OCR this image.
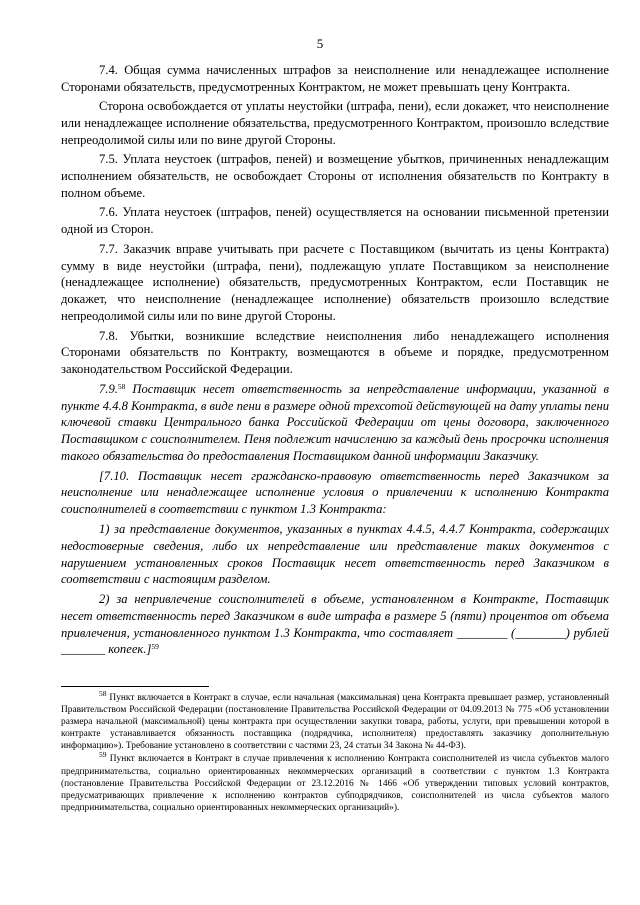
5

7.4. Общая сумма начисленных штрафов за неисполнение или ненадлежащее исполнение Сторонами обязательств, предусмотренных Контрактом, не может превышать цену Контракта.

Сторона освобождается от уплаты неустойки (штрафа, пени), если докажет, что неисполнение или ненадлежащее исполнение обязательства, предусмотренного Контрактом, произошло вследствие непреодолимой силы или по вине другой Стороны.

7.5. Уплата неустоек (штрафов, пеней) и возмещение убытков, причиненных ненадлежащим исполнением обязательств, не освобождает Стороны от исполнения обязательств по Контракту в полном объеме.

7.6. Уплата неустоек (штрафов, пеней) осуществляется на основании письменной претензии одной из Сторон.

7.7. Заказчик вправе учитывать при расчете с Поставщиком (вычитать из цены Контракта) сумму в виде неустойки (штрафа, пени), подлежащую уплате Поставщиком за неисполнение (ненадлежащее исполнение) обязательств, предусмотренных Контрактом, если Поставщик не докажет, что неисполнение (ненадлежащее исполнение) обязательств произошло вследствие непреодолимой силы или по вине другой Стороны.

7.8. Убытки, возникшие вследствие неисполнения либо ненадлежащего исполнения Сторонами обязательств по Контракту, возмещаются в объеме и порядке, предусмотренном законодательством Российской Федерации.

7.9.58 Поставщик несет ответственность за непредставление информации, указанной в пункте 4.4.8 Контракта, в виде пени в размере одной трехсотой действующей на дату уплаты пени ключевой ставки Центрального банка Российской Федерации от цены договора, заключенного Поставщиком с соисполнителем. Пеня подлежит начислению за каждый день просрочки исполнения такого обязательства до предоставления Поставщиком данной информации Заказчику.

[7.10. Поставщик несет гражданско-правовую ответственность перед Заказчиком за неисполнение или ненадлежащее исполнение условия о привлечении к исполнению Контракта соисполнителей в соответствии с пунктом 1.3 Контракта:

1) за представление документов, указанных в пунктах 4.4.5, 4.4.7 Контракта, содержащих недостоверные сведения, либо их непредставление или представление таких документов с нарушением установленных сроков Поставщик несет ответственность перед Заказчиком в соответствии с настоящим разделом.

2) за непривлечение соисполнителей в объеме, установленном в Контракте, Поставщик несет ответственность перед Заказчиком в виде штрафа в размере 5 (пяти) процентов от объема привлечения, установленного пунктом 1.3 Контракта, что составляет ________ (________) рублей _______ копеек.]$^{59}$

$^{58}$ Пункт включается в Контракт в случае, если начальная (максимальная) цена Контракта превышает размер, установленный Правительством Российской Федерации (постановление Правительства Российской Федерации от 04.09.2013 № 775 «Об установлении размера начальной (максимальной) цены контракта при осуществлении закупки товара, работы, услуги, при превышении которой в контракте устанавливается обязанность поставщика (подрядчика, исполнителя) предоставлять заказчику дополнительную информацию»). Требование установлено в соответствии с частями 23, 24 статьи 34 Закона № 44-ФЗ).

$^{59}$ Пункт включается в Контракт в случае привлечения к исполнению Контракта соисполнителей из числа субъектов малого предпринимательства, социально ориентированных некоммерческих организаций в соответствии с пунктом 1.3 Контракта (постановление Правительства Российской Федерации от 23.12.2016 № 1466 «Об утверждении типовых условий контрактов, предусматривающих привлечение к исполнению контрактов субподрядчиков, соисполнителей из числа субъектов малого предпринимательства, социально ориентированных некоммерческих организаций»).
